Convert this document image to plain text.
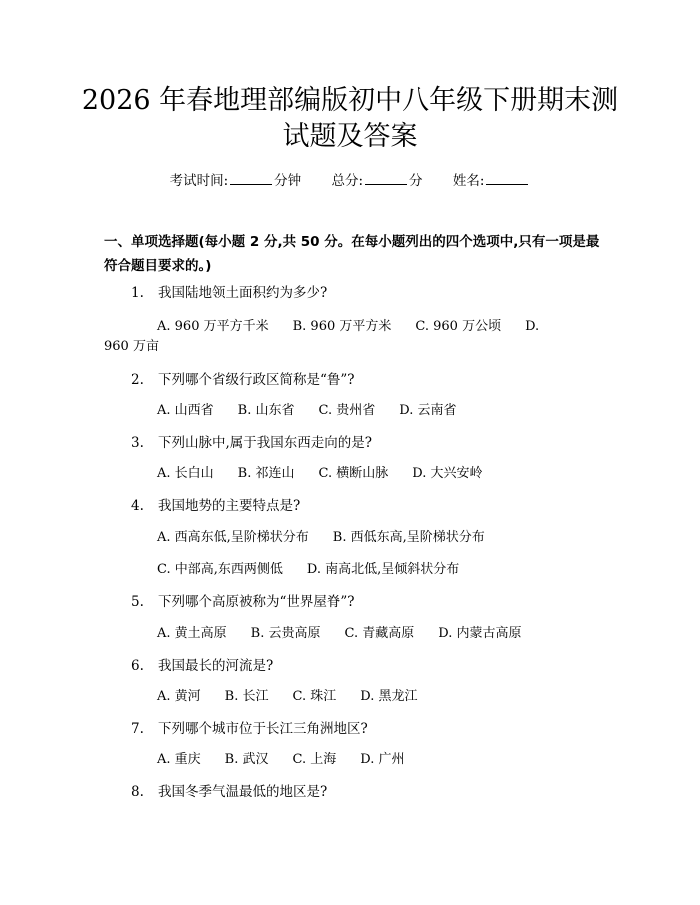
2026 年春地理部编版初中八年级下册期末测
试题及答案
考试时间:	分钟 总分:	分 姓名:
一、单项选择题(每小题 2 分,共 50 分。在每小题列出的四个选项中,只有一项是最符合题目要求的。)
1. 我国陆地领土面积约为多少?
A. 960 万平方千米 B. 960 万平方米 C. 960 万公顷 D.
960 万亩
2. 下列哪个省级行政区简称是“鲁”?
A. 山西省 B. 山东省 C. 贵州省 D. 云南省
3. 下列山脉中,属于我国东西走向的是?
A. 长白山 B. 祁连山 C. 横断山脉 D. 大兴安岭
4. 我国地势的主要特点是?
A. 西高东低,呈阶梯状分布 B. 西低东高,呈阶梯状分布
C. 中部高,东西两侧低 D. 南高北低,呈倾斜状分布
5. 下列哪个高原被称为“世界屋脊”?
A. 黄土高原 B. 云贵高原 C. 青藏高原 D. 内蒙古高原
6. 我国最长的河流是?
A. 黄河 B. 长江 C. 珠江 D. 黑龙江
7. 下列哪个城市位于长江三角洲地区?
A. 重庆 B. 武汉 C. 上海 D. 广州
8. 我国冬季气温最低的地区是?
